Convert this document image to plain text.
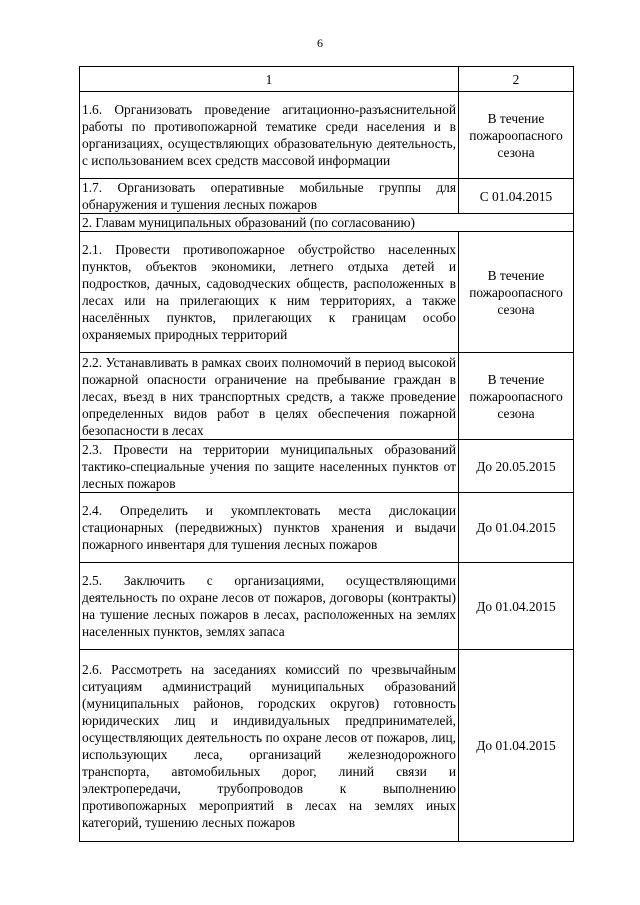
6
1	2
1.6. Организовать проведение агитационно-разъяснительной работы по противопожарной тематике среди населения и в организациях, осуществляющих образовательную деятельность, с использованием всех средств массовой информации	В течение пожароопасного сезона
1.7. Организовать оперативные мобильные группы для обнаружения и тушения лесных пожаров	С 01.04.2015
2. Главам муниципальных образований (по согласованию)	
2.1. Провести противопожарное обустройство населенных пунктов, объектов экономики, летнего отдыха детей и подростков, дачных, садоводческих обществ, расположенных в лесах или на прилегающих к ним территориях, а также населённых пунктов, прилегающих к границам особо охраняемых природных территорий	В течение пожароопасного сезона
2.2. Устанавливать в рамках своих полномочий в период высокой пожарной опасности ограничение на пребывание граждан в лесах, въезд в них транспортных средств, а также проведение определенных видов работ в целях обеспечения пожарной безопасности в лесах	В течение пожароопасного сезона
2.3. Провести на территории муниципальных образований тактико-специальные учения по защите населенных пунктов от лесных пожаров	До 20.05.2015
2.4. Определить и укомплектовать места дислокации стационарных (передвижных) пунктов хранения и выдачи пожарного инвентаря для тушения лесных пожаров	До 01.04.2015
2.5. Заключить с организациями, осуществляющими деятельность по охране лесов от пожаров, договоры (контракты) на тушение лесных пожаров в лесах, расположенных на землях населенных пунктов, землях запаса	До 01.04.2015
2.6. Рассмотреть на заседаниях комиссий по чрезвычайным ситуациям администраций муниципальных образований (муниципальных районов, городских округов) готовность юридических лиц и индивидуальных предпринимателей, осуществляющих деятельность по охране лесов от пожаров, лиц, использующих леса, организаций железнодорожного транспорта, автомобильных дорог, линий связи и электропередачи, трубопроводов к выполнению противопожарных мероприятий в лесах на землях иных категорий, тушению лесных пожаров	До 01.04.2015
